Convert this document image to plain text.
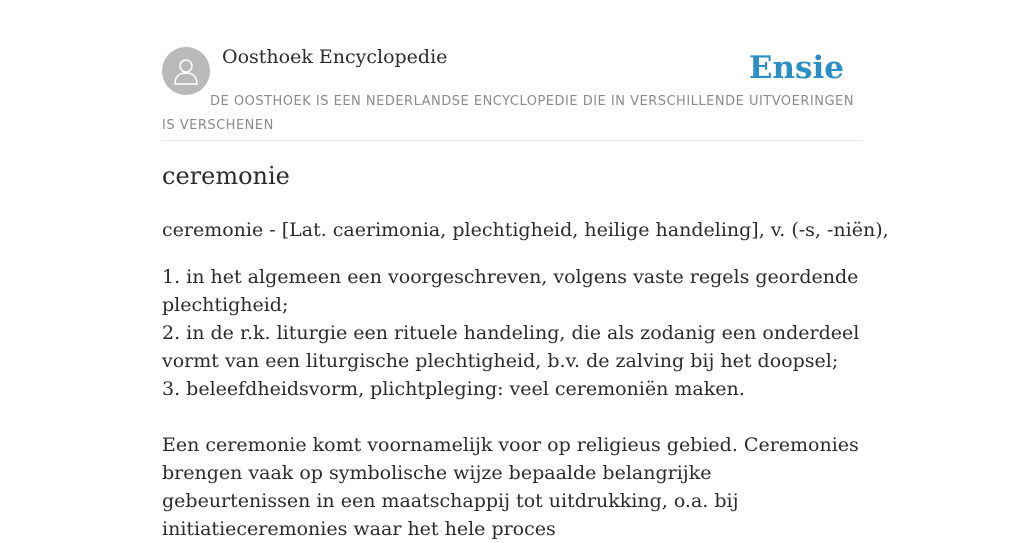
Oosthoek Encyclopedie	Ensie
DE OOSTHOEK IS EEN NEDERLANDSE ENCYCLOPEDIE DIE IN VERSCHILLENDE UITVOERINGEN IS VERSCHENEN
ceremonie
ceremonie - [Lat. caerimonia, plechtigheid, heilige handeling], v. (-s, -niën),
1. in het algemeen een voorgeschreven, volgens vaste regels geordende plechtigheid;
2. in de r.k. liturgie een rituele handeling, die als zodanig een onderdeel vormt van een liturgische plechtigheid, b.v. de zalving bij het doopsel;
3. beleefdheidsvorm, plichtpleging: veel ceremoniën maken.
Een ceremonie komt voornamelijk voor op religieus gebied. Ceremonies brengen vaak op symbolische wijze bepaalde belangrijke gebeurtenissen in een maatschappij tot uitdrukking, o.a. bij initiatieceremonies waar het hele proces
